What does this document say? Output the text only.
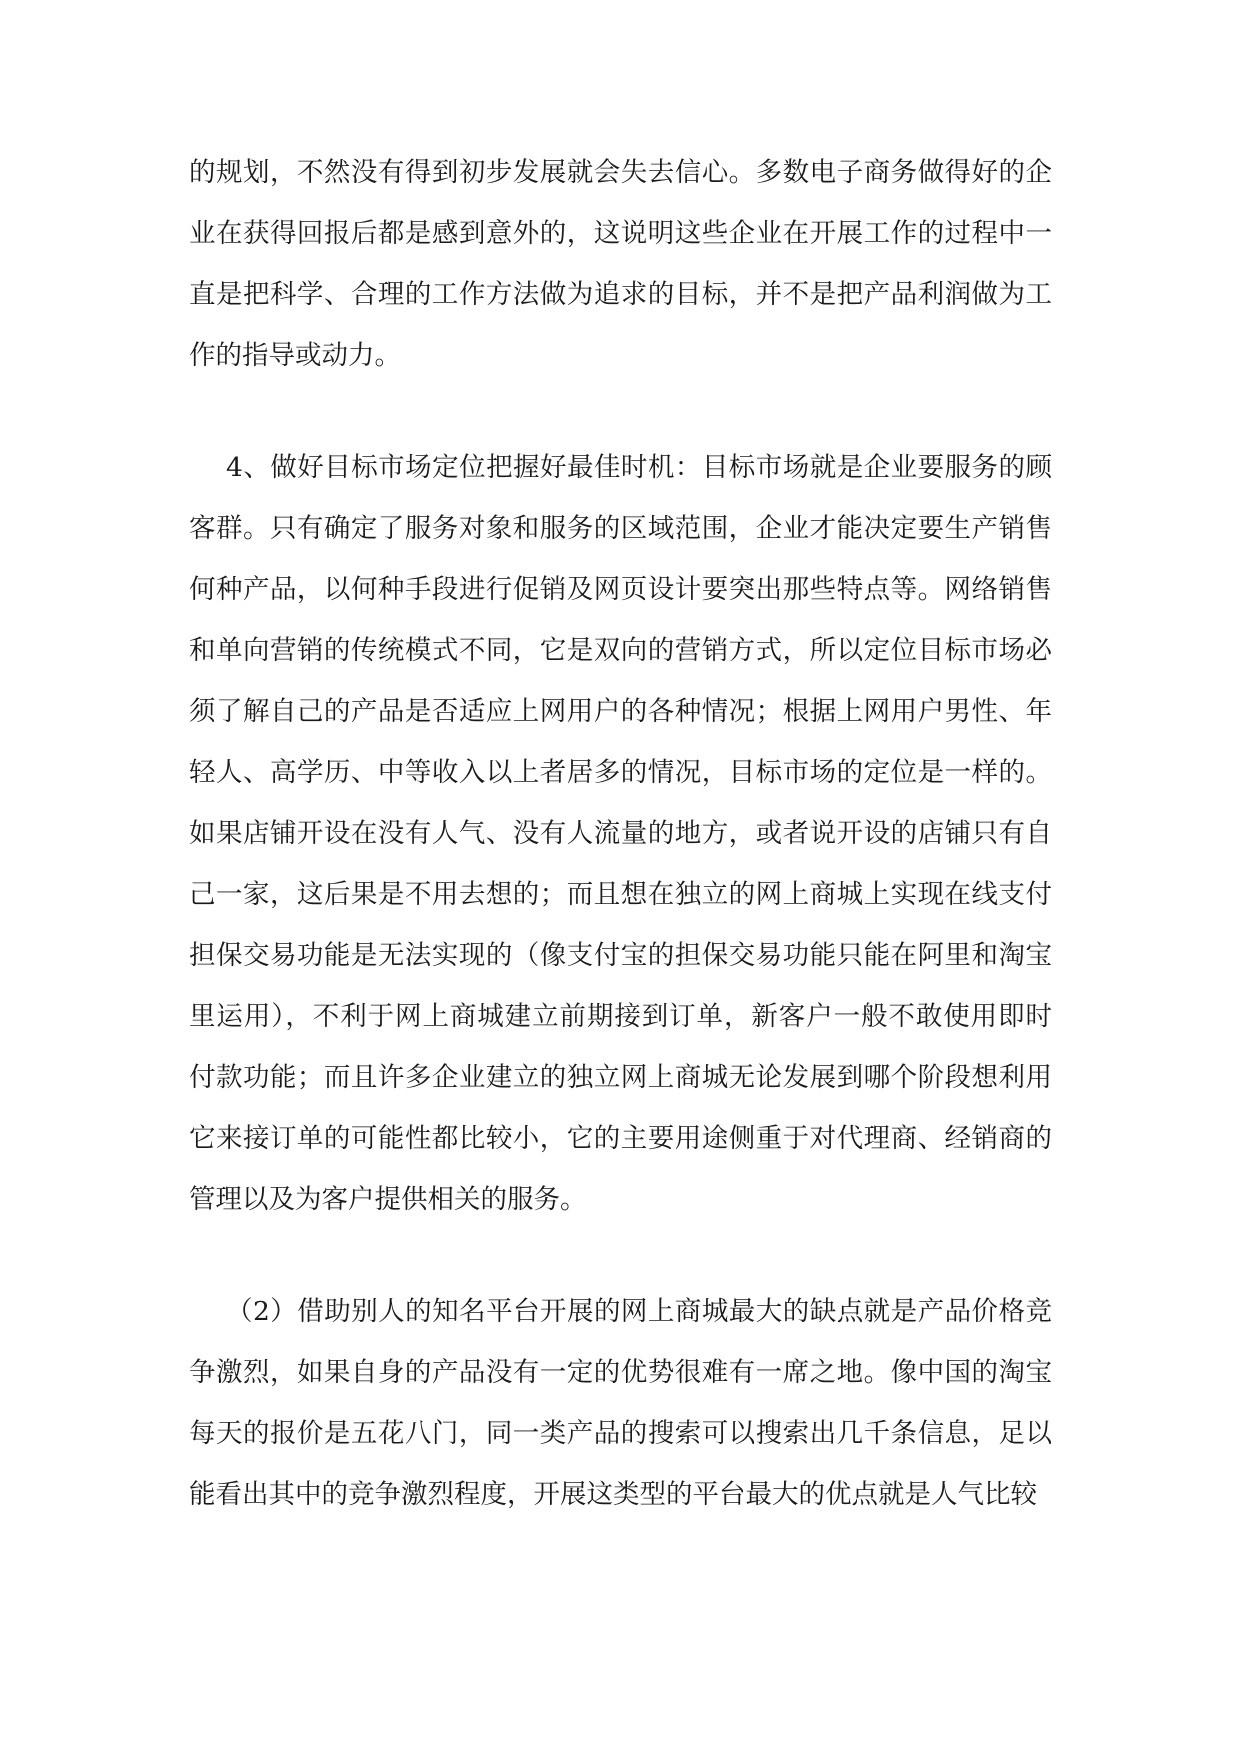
的规划，不然没有得到初步发展就会失去信心。多数电子商务做得好的企
业在获得回报后都是感到意外的，这说明这些企业在开展工作的过程中一
直是把科学、合理的工作方法做为追求的目标，并不是把产品利润做为工
作的指导或动力。
4、做好目标市场定位把握好最佳时机：目标市场就是企业要服务的顾
客群。只有确定了服务对象和服务的区域范围，企业才能决定要生产销售
何种产品，以何种手段进行促销及网页设计要突出那些特点等。网络销售
和单向营销的传统模式不同，它是双向的营销方式，所以定位目标市场必
须了解自己的产品是否适应上网用户的各种情况；根据上网用户男性、年
轻人、高学历、中等收入以上者居多的情况，目标市场的定位是一样的。
如果店铺开设在没有人气、没有人流量的地方，或者说开设的店铺只有自
己一家，这后果是不用去想的；而且想在独立的网上商城上实现在线支付
担保交易功能是无法实现的（像支付宝的担保交易功能只能在阿里和淘宝
里运用），不利于网上商城建立前期接到订单，新客户一般不敢使用即时
付款功能；而且许多企业建立的独立网上商城无论发展到哪个阶段想利用
它来接订单的可能性都比较小，它的主要用途侧重于对代理商、经销商的
管理以及为客户提供相关的服务。
（2）借助别人的知名平台开展的网上商城最大的缺点就是产品价格竞
争激烈，如果自身的产品没有一定的优势很难有一席之地。像中国的淘宝
每天的报价是五花八门，同一类产品的搜索可以搜索出几千条信息，足以
能看出其中的竞争激烈程度，开展这类型的平台最大的优点就是人气比较
